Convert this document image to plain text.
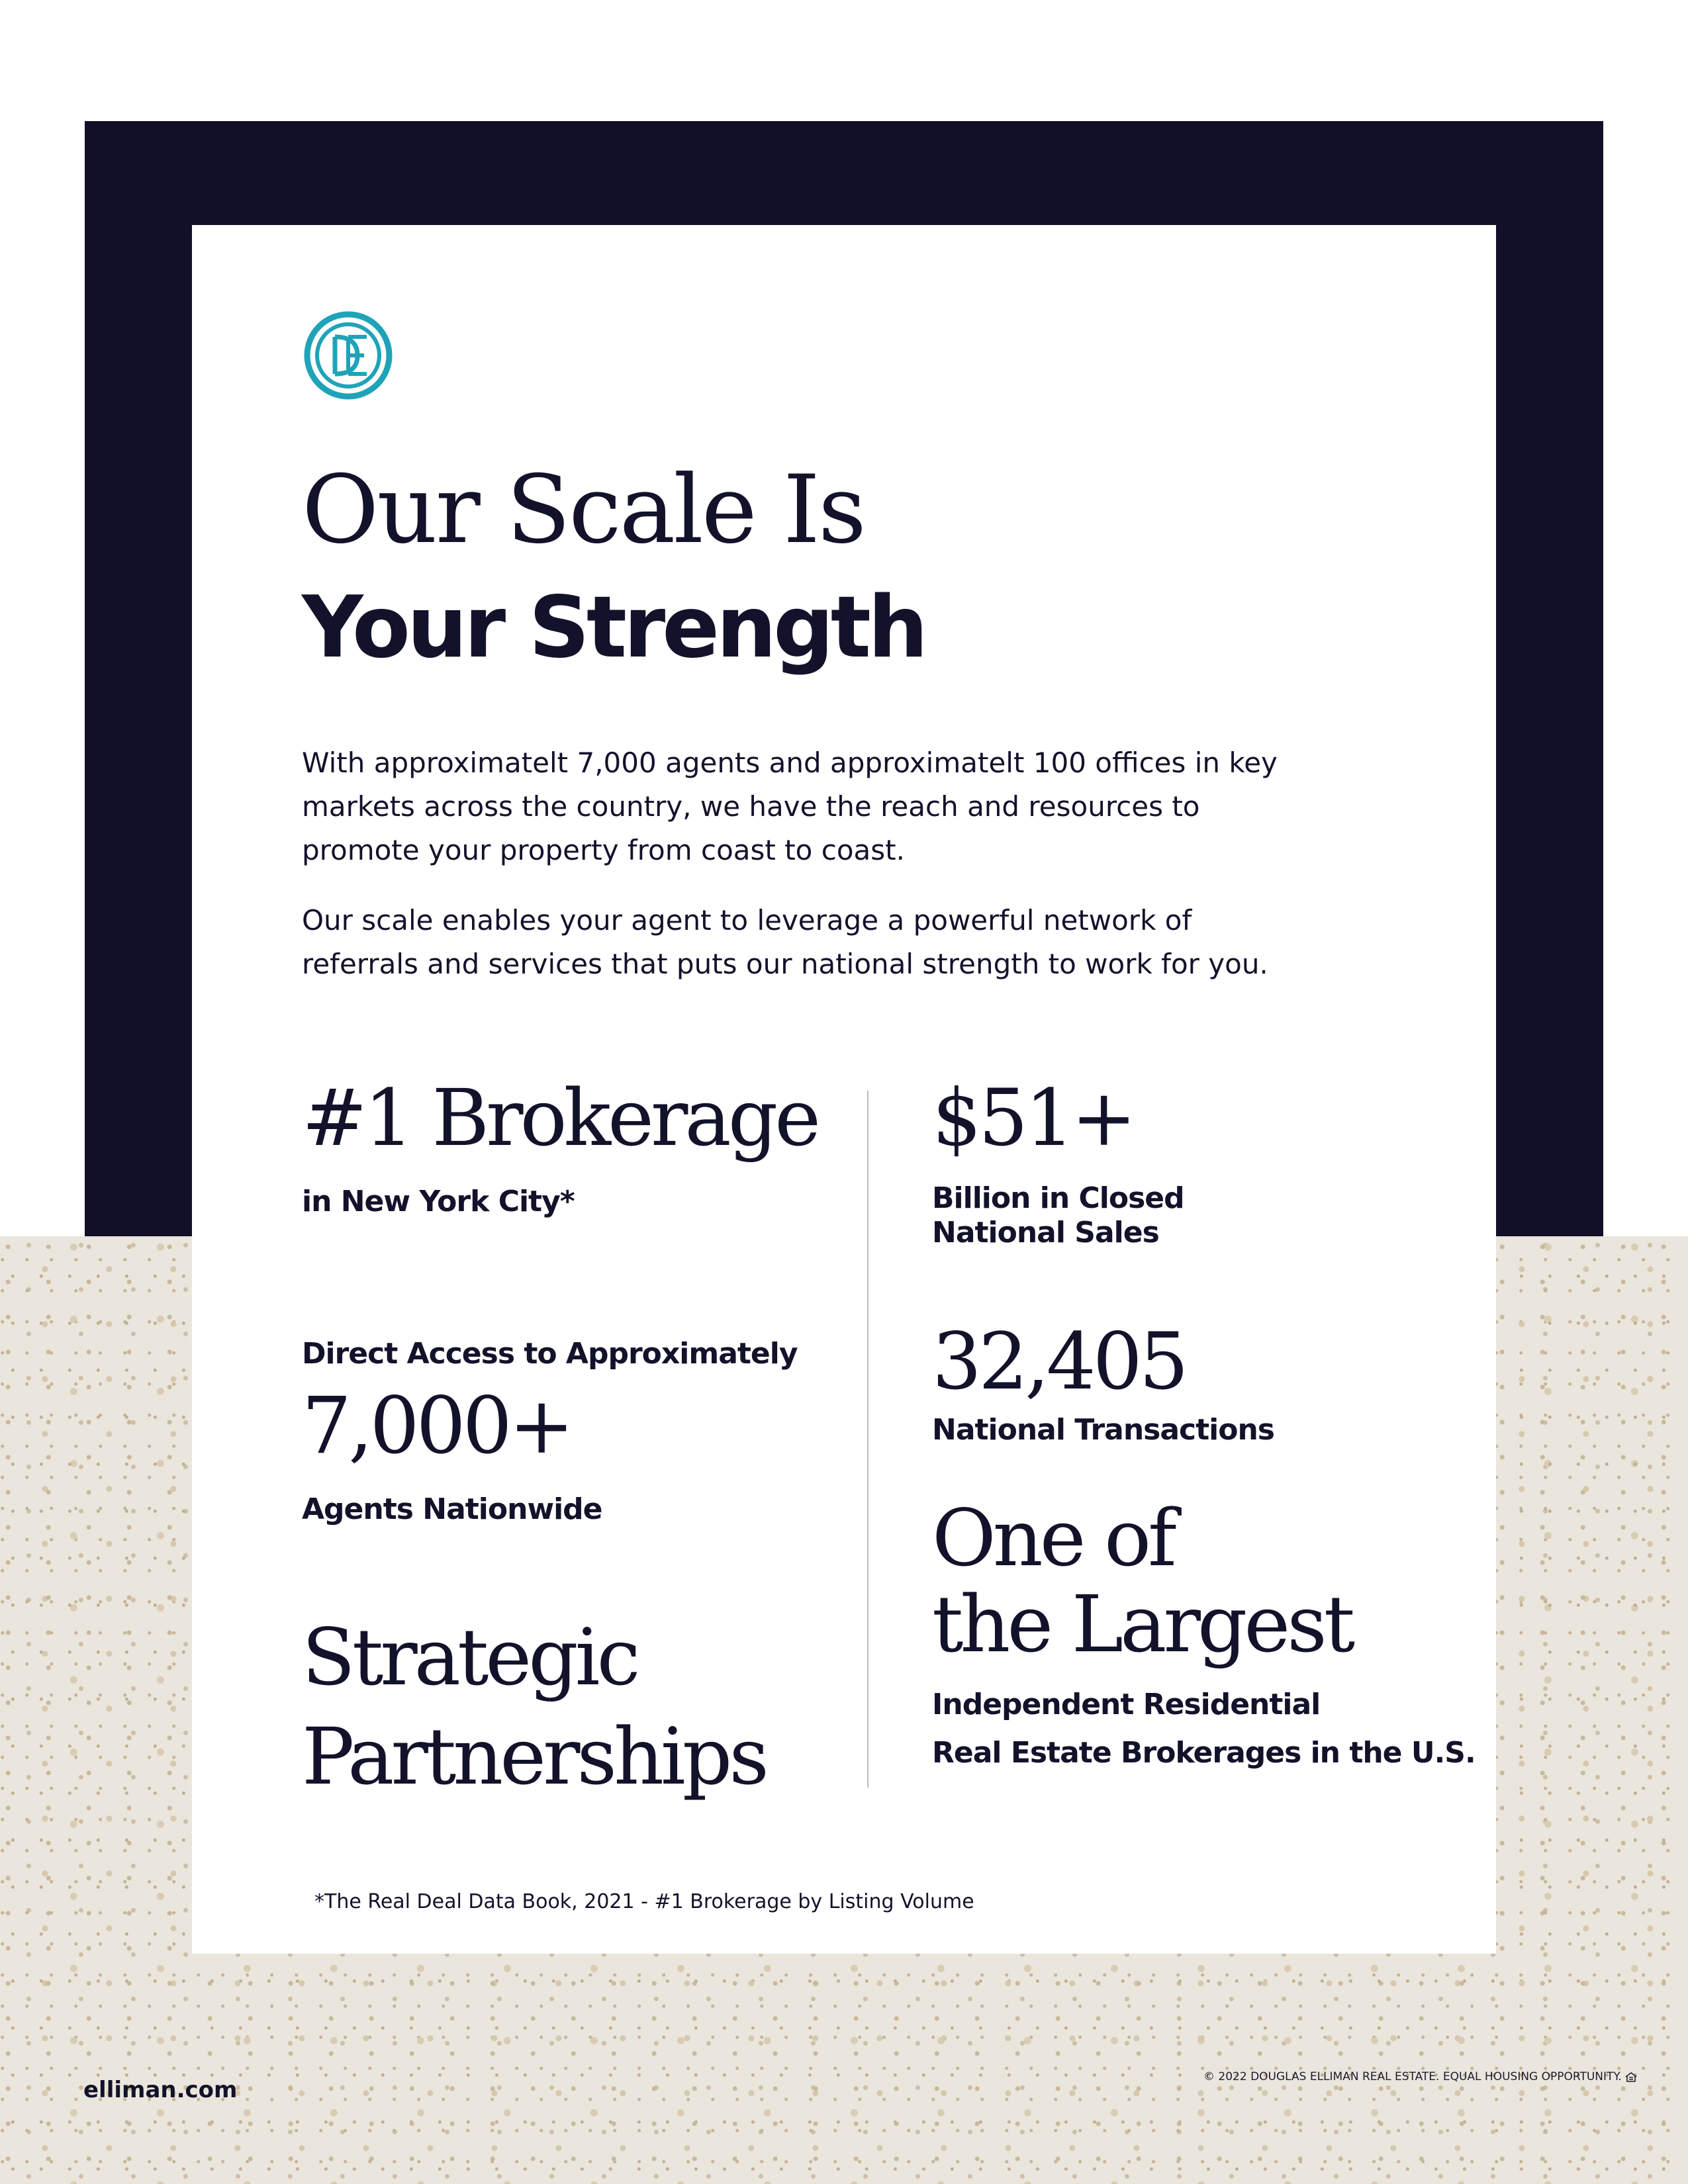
Our Scale Is
Your Strength

With approximatelt 7,000 agents and approximatelt 100 offices in key markets across the country, we have the reach and resources to promote your property from coast to coast.

Our scale enables your agent to leverage a powerful network of referrals and services that puts our national strength to work for you.

#1 Brokerage
in New York City*
Direct Access to Approximately
7,000+
Agents Nationwide
Strategic
Partnerships
$51+
Billion in Closed
National Sales
32,405
National Transactions
One of
the Largest
Independent Residential
Real Estate Brokerages in the U.S.
*The Real Deal Data Book, 2021 - #1 Brokerage by Listing Volume
elliman.com	© 2022 DOUGLAS ELLIMAN REAL ESTATE. EQUAL HOUSING OPPORTUNITY.
